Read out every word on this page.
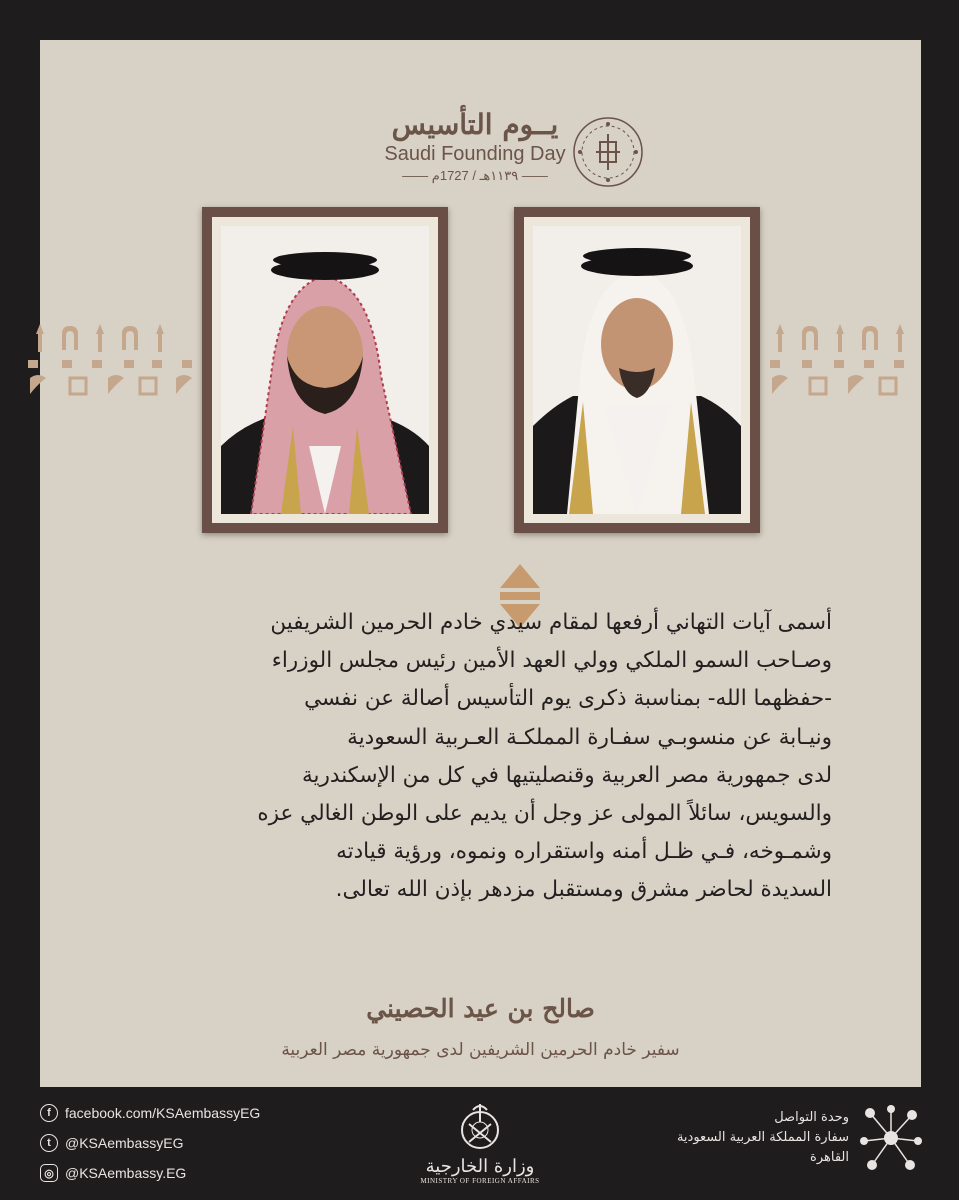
يــوم التأسيس
Saudi Founding Day
—— ١١٣٩هـ / 1727م ——
صالح بن عيد الحصيني
سفير خادم الحرمين الشريفين لدى جمهورية مصر العربية

أسمى آيات التهاني أرفعها لمقام سيدي خادم الحرمين الشريفين

وصـاحب السمو الملكي وولي العهد الأمين رئيس مجلس الوزراء

-حفظهما الله- بمناسبة ذكرى يوم التأسيس أصالة عن نفسي

ونيـابة عن منسوبـي سفـارة المملكـة العـربية السعودية

لدى جمهورية مصر العربية وقنصليتيها في كل من الإسكندرية

والسويس، سائلاً المولى عز وجل أن يديم على الوطن الغالي عزه

وشمـوخه، فـي ظـل أمنه واستقراره ونموه، ورؤية قيادته

السديدة لحاضر مشرق ومستقبل مزدهر بإذن الله تعالى.

f	facebook.com/KSAembassyEG
t	@KSAembassyEG
◎ @KSAembassy.EG	وزارة الخارجية
MINISTRY OF FOREIGN AFFAIRS
وحدة التواصل
سفارة المملكة العربية السعودية
القاهرة
